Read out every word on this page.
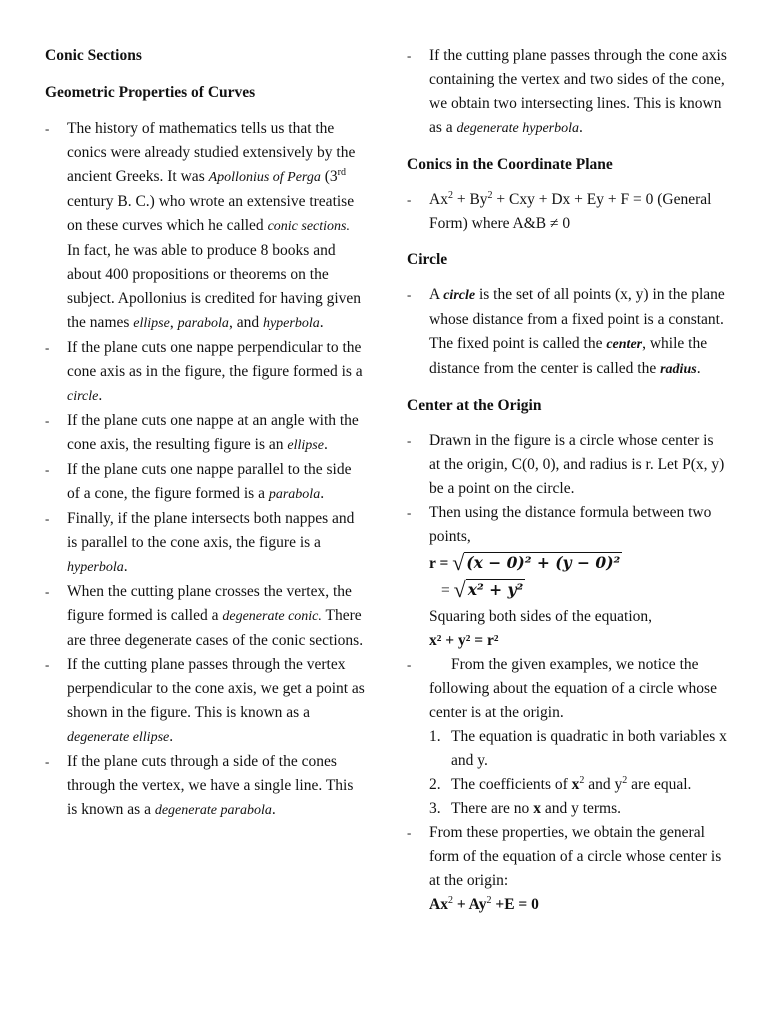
Conic Sections

Geometric Properties of Curves

- The history of mathematics tells us that the conics were already studied extensively by the ancient Greeks. It was Apollonius of Perga (3rd century B. C.) who wrote an extensive treatise on these curves which he called conic sections. In fact, he was able to produce 8 books and about 400 propositions or theorems on the subject. Apollonius is credited for having given the names ellipse, parabola, and hyperbola.

- If the plane cuts one nappe perpendicular to the cone axis as in the figure, the figure formed is a circle.

- If the plane cuts one nappe at an angle with the cone axis, the resulting figure is an ellipse.

- If the plane cuts one nappe parallel to the side of a cone, the figure formed is a parabola.

- Finally, if the plane intersects both nappes and is parallel to the cone axis, the figure is a hyperbola.

- When the cutting plane crosses the vertex, the figure formed is called a degenerate conic. There are three degenerate cases of the conic sections.

- If the cutting plane passes through the vertex perpendicular to the cone axis, we get a point as shown in the figure. This is known as a degenerate ellipse.

- If the plane cuts through a side of the cones through the vertex, we have a single line. This is known as a degenerate parabola.

- If the cutting plane passes through the cone axis containing the vertex and two sides of the cone, we obtain two intersecting lines. This is known as a degenerate hyperbola.

Conics in the Coordinate Plane

- $Ax^2 + By^2$ + Cxy + Dx + Ey + F = 0 (General Form) where A&B ≠ 0

Circle

- A circle is the set of all points (x, y) in the plane whose distance from a fixed point is a constant. The fixed point is called the center, while the distance from the center is called the radius.

Center at the Origin

- Drawn in the figure is a circle whose center is at the origin, C(0, 0), and radius is r. Let P(x, y) be a point on the circle.

- Then using the distance formula between two points,

r = √ (x − 0)² + (y − 0)²
= √ x² + y²

Squaring both sides of the equation,

x² + y² = r²

-	From the given examples, we notice the following about the equation of a circle whose center is at the origin.

1. The equation is quadratic in both variables x and y.

2. The coefficients of $x^2$ and $y^2$ are equal.

3. There are no x and y terms.

- From these properties, we obtain the general form of the equation of a circle whose center is at the origin:

$Ax^2 + Ay^2 +E = 0$
